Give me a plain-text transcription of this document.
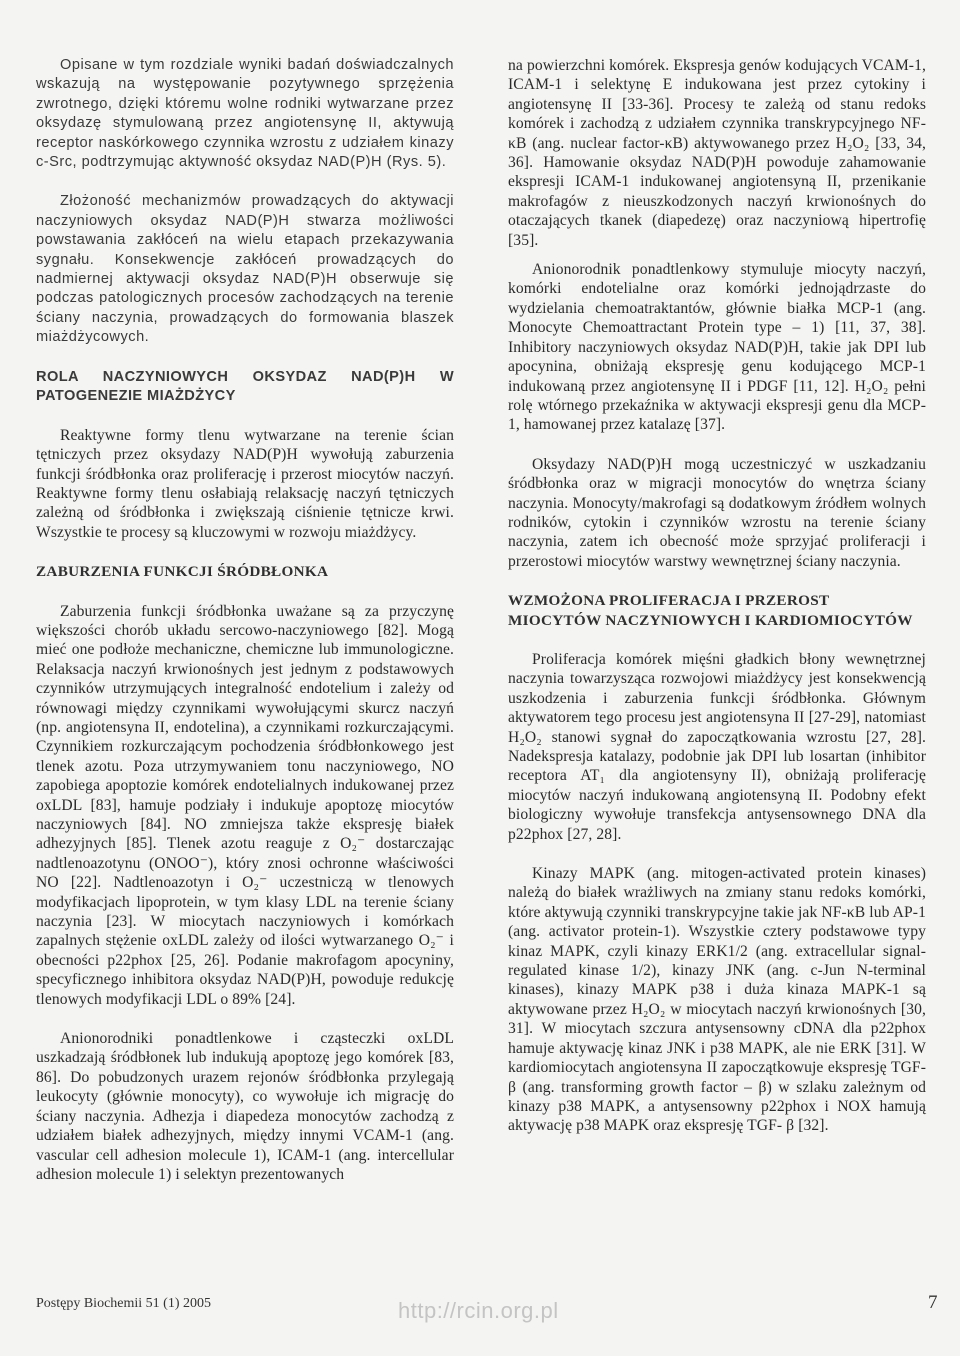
Opisane w tym rozdziale wyniki badań doświadczalnych wskazują na występowanie pozytywnego sprzężenia zwrotnego, dzięki któremu wolne rodniki wytwarzane przez oksydazę stymulowaną przez angiotensynę II, aktywują receptor naskórkowego czynnika wzrostu z udziałem kinazy c-Src, podtrzymując aktywność oksydaz NAD(P)H (Rys. 5).

Złożoność mechanizmów prowadzących do aktywacji naczyniowych oksydaz NAD(P)H stwarza możliwości powstawania zakłóceń na wielu etapach przekazywania sygnału. Konsekwencje zakłóceń prowadzących do nadmiernej aktywacji oksydaz NAD(P)H obserwuje się podczas patologicznych procesów zachodzących na terenie ściany naczynia, prowadzących do formowania blaszek miażdżycowych.

ROLA NACZYNIOWYCH OKSYDAZ NAD(P)H W PATOGENEZIE MIAŻDŻYCY

Reaktywne formy tlenu wytwarzane na terenie ścian tętniczych przez oksydazy NAD(P)H wywołują zaburzenia funkcji śródbłonka oraz proliferację i przerost miocytów naczyń. Reaktywne formy tlenu osłabiają relaksację naczyń tętniczych zależną od śródbłonka i zwiększają ciśnienie tętnicze krwi. Wszystkie te procesy są kluczowymi w rozwoju miażdżycy.

ZABURZENIA FUNKCJI ŚRÓDBŁONKA

Zaburzenia funkcji śródbłonka uważane są za przyczynę większości chorób układu sercowo-naczyniowego [82]. Mogą mieć one podłoże mechaniczne, chemiczne lub immunologiczne. Relaksacja naczyń krwionośnych jest jednym z podstawowych czynników utrzymujących integralność endotelium i zależy od równowagi między czynnikami wywołującymi skurcz naczyń (np. angiotensyna II, endotelina), a czynnikami rozkurczającymi. Czynnikiem rozkurczającym pochodzenia śródbłonkowego jest tlenek azotu. Poza utrzymywaniem tonu naczyniowego, NO zapobiega apoptozie komórek endotelialnych indukowanej przez oxLDL [83], hamuje podziały i indukuje apoptozę miocytów naczyniowych [84]. NO zmniejsza także ekspresję białek adhezyjnych [85]. Tlenek azotu reaguje z O₂⁻ dostarczając nadtlenoazotynu (ONOO⁻), który znosi ochronne właściwości NO [22]. Nadtlenoazotyn i O₂⁻ uczestniczą w tlenowych modyfikacjach lipoprotein, w tym klasy LDL na terenie ściany naczynia [23]. W miocytach naczyniowych i komórkach zapalnych stężenie oxLDL zależy od ilości wytwarzanego O₂⁻ i obecności p22phox [25, 26]. Podanie makrofagom apocyniny, specyficznego inhibitora oksydaz NAD(P)H, powoduje redukcję tlenowych modyfikacji LDL o 89% [24].

Anionorodniki ponadtlenkowe i cząsteczki oxLDL uszkadzają śródbłonek lub indukują apoptozę jego komórek [83, 86]. Do pobudzonych urazem rejonów śródbłonka przylegają leukocyty (głównie monocyty), co wywołuje ich migrację do ściany naczynia. Adhezja i diapedeza monocytów zachodzą z udziałem białek adhezyjnych, między innymi VCAM-1 (ang. vascular cell adhesion molecule 1), ICAM-1 (ang. intercellular adhesion molecule 1) i selektyn prezentowanych

na powierzchni komórek. Ekspresja genów kodujących VCAM-1, ICAM-1 i selektynę E indukowana jest przez cytokiny i angiotensynę II [33-36]. Procesy te zależą od stanu redoks komórek i zachodzą z udziałem czynnika transkrypcyjnego NF-κB (ang. nuclear factor-κB) aktywowanego przez H₂O₂ [33, 34, 36]. Hamowanie oksydaz NAD(P)H powoduje zahamowanie ekspresji ICAM-1 indukowanej angiotensyną II, przenikanie makrofagów z nieuszkodzonych naczyń krwionośnych do otaczających tkanek (diapedezę) oraz naczyniową hipertrofię [35].

Anionorodnik ponadtlenkowy stymuluje miocyty naczyń, komórki endotelialne oraz komórki jednojądrzaste do wydzielania chemoatraktantów, głównie białka MCP-1 (ang. Monocyte Chemoattractant Protein type – 1) [11, 37, 38]. Inhibitory naczyniowych oksydaz NAD(P)H, takie jak DPI lub apocynina, obniżają ekspresję genu kodującego MCP-1 indukowaną przez angiotensynę II i PDGF [11, 12]. H₂O₂ pełni rolę wtórnego przekaźnika w aktywacji ekspresji genu dla MCP-1, hamowanej przez katalazę [37].

Oksydazy NAD(P)H mogą uczestniczyć w uszkadzaniu śródbłonka oraz w migracji monocytów do wnętrza ściany naczynia. Monocyty/makrofagi są dodatkowym źródłem wolnych rodników, cytokin i czynników wzrostu na terenie ściany naczynia, zatem ich obecność może sprzyjać proliferacji i przerostowi miocytów warstwy wewnętrznej ściany naczynia.

WZMOŻONA PROLIFERACJA I PRZEROST MIOCYTÓW NACZYNIOWYCH I KARDIOMIOCYTÓW

Proliferacja komórek mięśni gładkich błony wewnętrznej naczynia towarzysząca rozwojowi miażdżycy jest konsekwencją uszkodzenia i zaburzenia funkcji śródbłonka. Głównym aktywatorem tego procesu jest angiotensyna II [27-29], natomiast H₂O₂ stanowi sygnał do zapoczątkowania wzrostu [27, 28]. Nadekspresja katalazy, podobnie jak DPI lub losartan (inhibitor receptora AT₁ dla angiotensyny II), obniżają proliferację miocytów naczyń indukowaną angiotensyną II. Podobny efekt biologiczny wywołuje transfekcja antysensownego DNA dla p22phox [27, 28].

Kinazy MAPK (ang. mitogen-activated protein kinases) należą do białek wrażliwych na zmiany stanu redoks komórki, które aktywują czynniki transkrypcyjne takie jak NF-κB lub AP-1 (ang. activator protein-1). Wszystkie cztery podstawowe typy kinaz MAPK, czyli kinazy ERK1/2 (ang. extracellular signal-regulated kinase 1/2), kinazy JNK (ang. c-Jun N-terminal kinases), kinazy MAPK p38 i duża kinaza MAPK-1 są aktywowane przez H₂O₂ w miocytach naczyń krwionośnych [30, 31]. W miocytach szczura antysensowny cDNA dla p22phox hamuje aktywację kinaz JNK i p38 MAPK, ale nie ERK [31]. W kardiomiocytach angiotensyna II zapoczątkowuje ekspresję TGF-β (ang. transforming growth factor – β) w szlaku zależnym od kinazy p38 MAPK, a antysensowny p22phox i NOX hamują aktywację p38 MAPK oraz ekspresję TGF- β [32].

Postępy Biochemii 51 (1) 2005	http://rcin.org.pl	7
